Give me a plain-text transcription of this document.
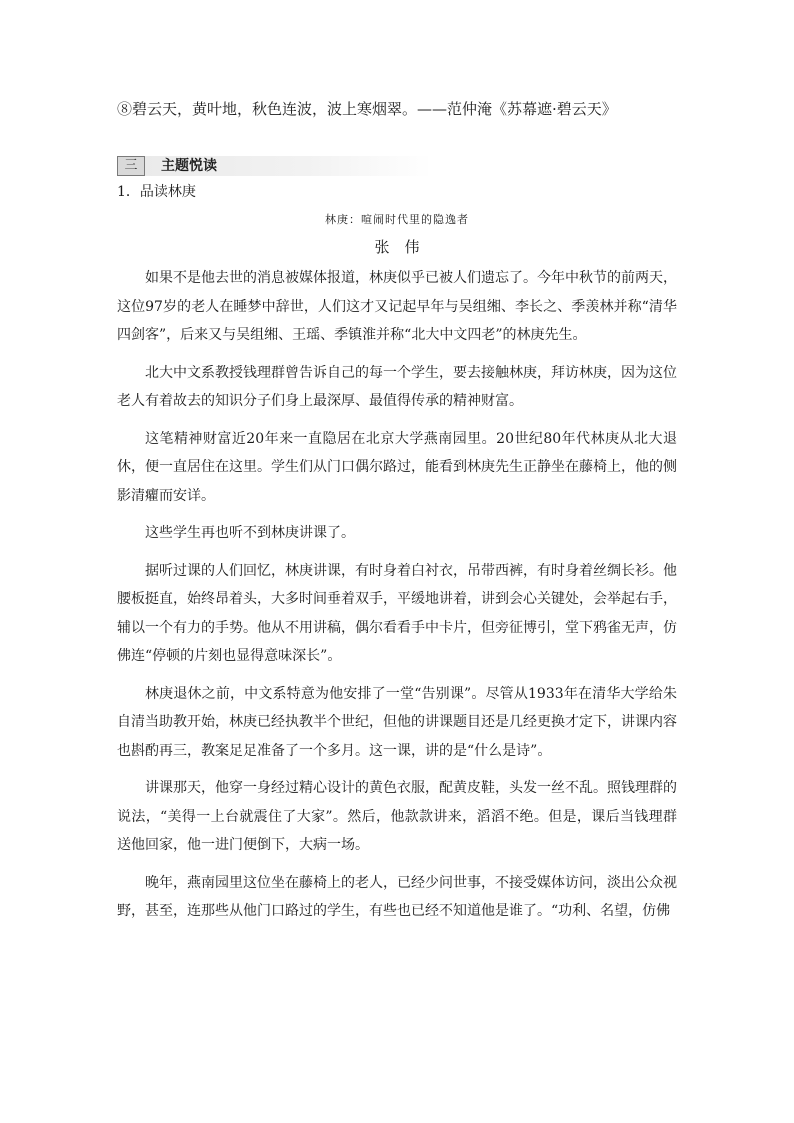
⑧碧云天，黄叶地，秋色连波，波上寒烟翠。——范仲淹《苏幕遮·碧云天》
三	主题悦读
1．品读林庚
林庚：喧闹时代里的隐逸者
张　伟

如果不是他去世的消息被媒体报道，林庚似乎已被人们遗忘了。今年中秋节的前两天，这位97岁的老人在睡梦中辞世，人们这才又记起早年与吴组缃、李长之、季羡林并称“清华四剑客”，后来又与吴组缃、王瑶、季镇淮并称“北大中文四老”的林庚先生。

北大中文系教授钱理群曾告诉自己的每一个学生，要去接触林庚，拜访林庚，因为这位老人有着故去的知识分子们身上最深厚、最值得传承的精神财富。

这笔精神财富近20年来一直隐居在北京大学燕南园里。20世纪80年代林庚从北大退休，便一直居住在这里。学生们从门口偶尔路过，能看到林庚先生正静坐在藤椅上，他的侧影清癯而安详。

这些学生再也听不到林庚讲课了。

据听过课的人们回忆，林庚讲课，有时身着白衬衣，吊带西裤，有时身着丝绸长衫。他腰板挺直，始终昂着头，大多时间垂着双手，平缓地讲着，讲到会心关键处，会举起右手，辅以一个有力的手势。他从不用讲稿，偶尔看看手中卡片，但旁征博引，堂下鸦雀无声，仿佛连“停顿的片刻也显得意味深长”。

林庚退休之前，中文系特意为他安排了一堂“告别课”。尽管从1933年在清华大学给朱自清当助教开始，林庚已经执教半个世纪，但他的讲课题目还是几经更换才定下，讲课内容也斟酌再三，教案足足准备了一个多月。这一课，讲的是“什么是诗”。

讲课那天，他穿一身经过精心设计的黄色衣服，配黄皮鞋，头发一丝不乱。照钱理群的说法，“美得一上台就震住了大家”。然后，他款款讲来，滔滔不绝。但是，课后当钱理群送他回家，他一进门便倒下，大病一场。

晚年，燕南园里这位坐在藤椅上的老人，已经少问世事，不接受媒体访问，淡出公众视野，甚至，连那些从他门口路过的学生，有些也已经不知道他是谁了。“功利、名望，仿佛
